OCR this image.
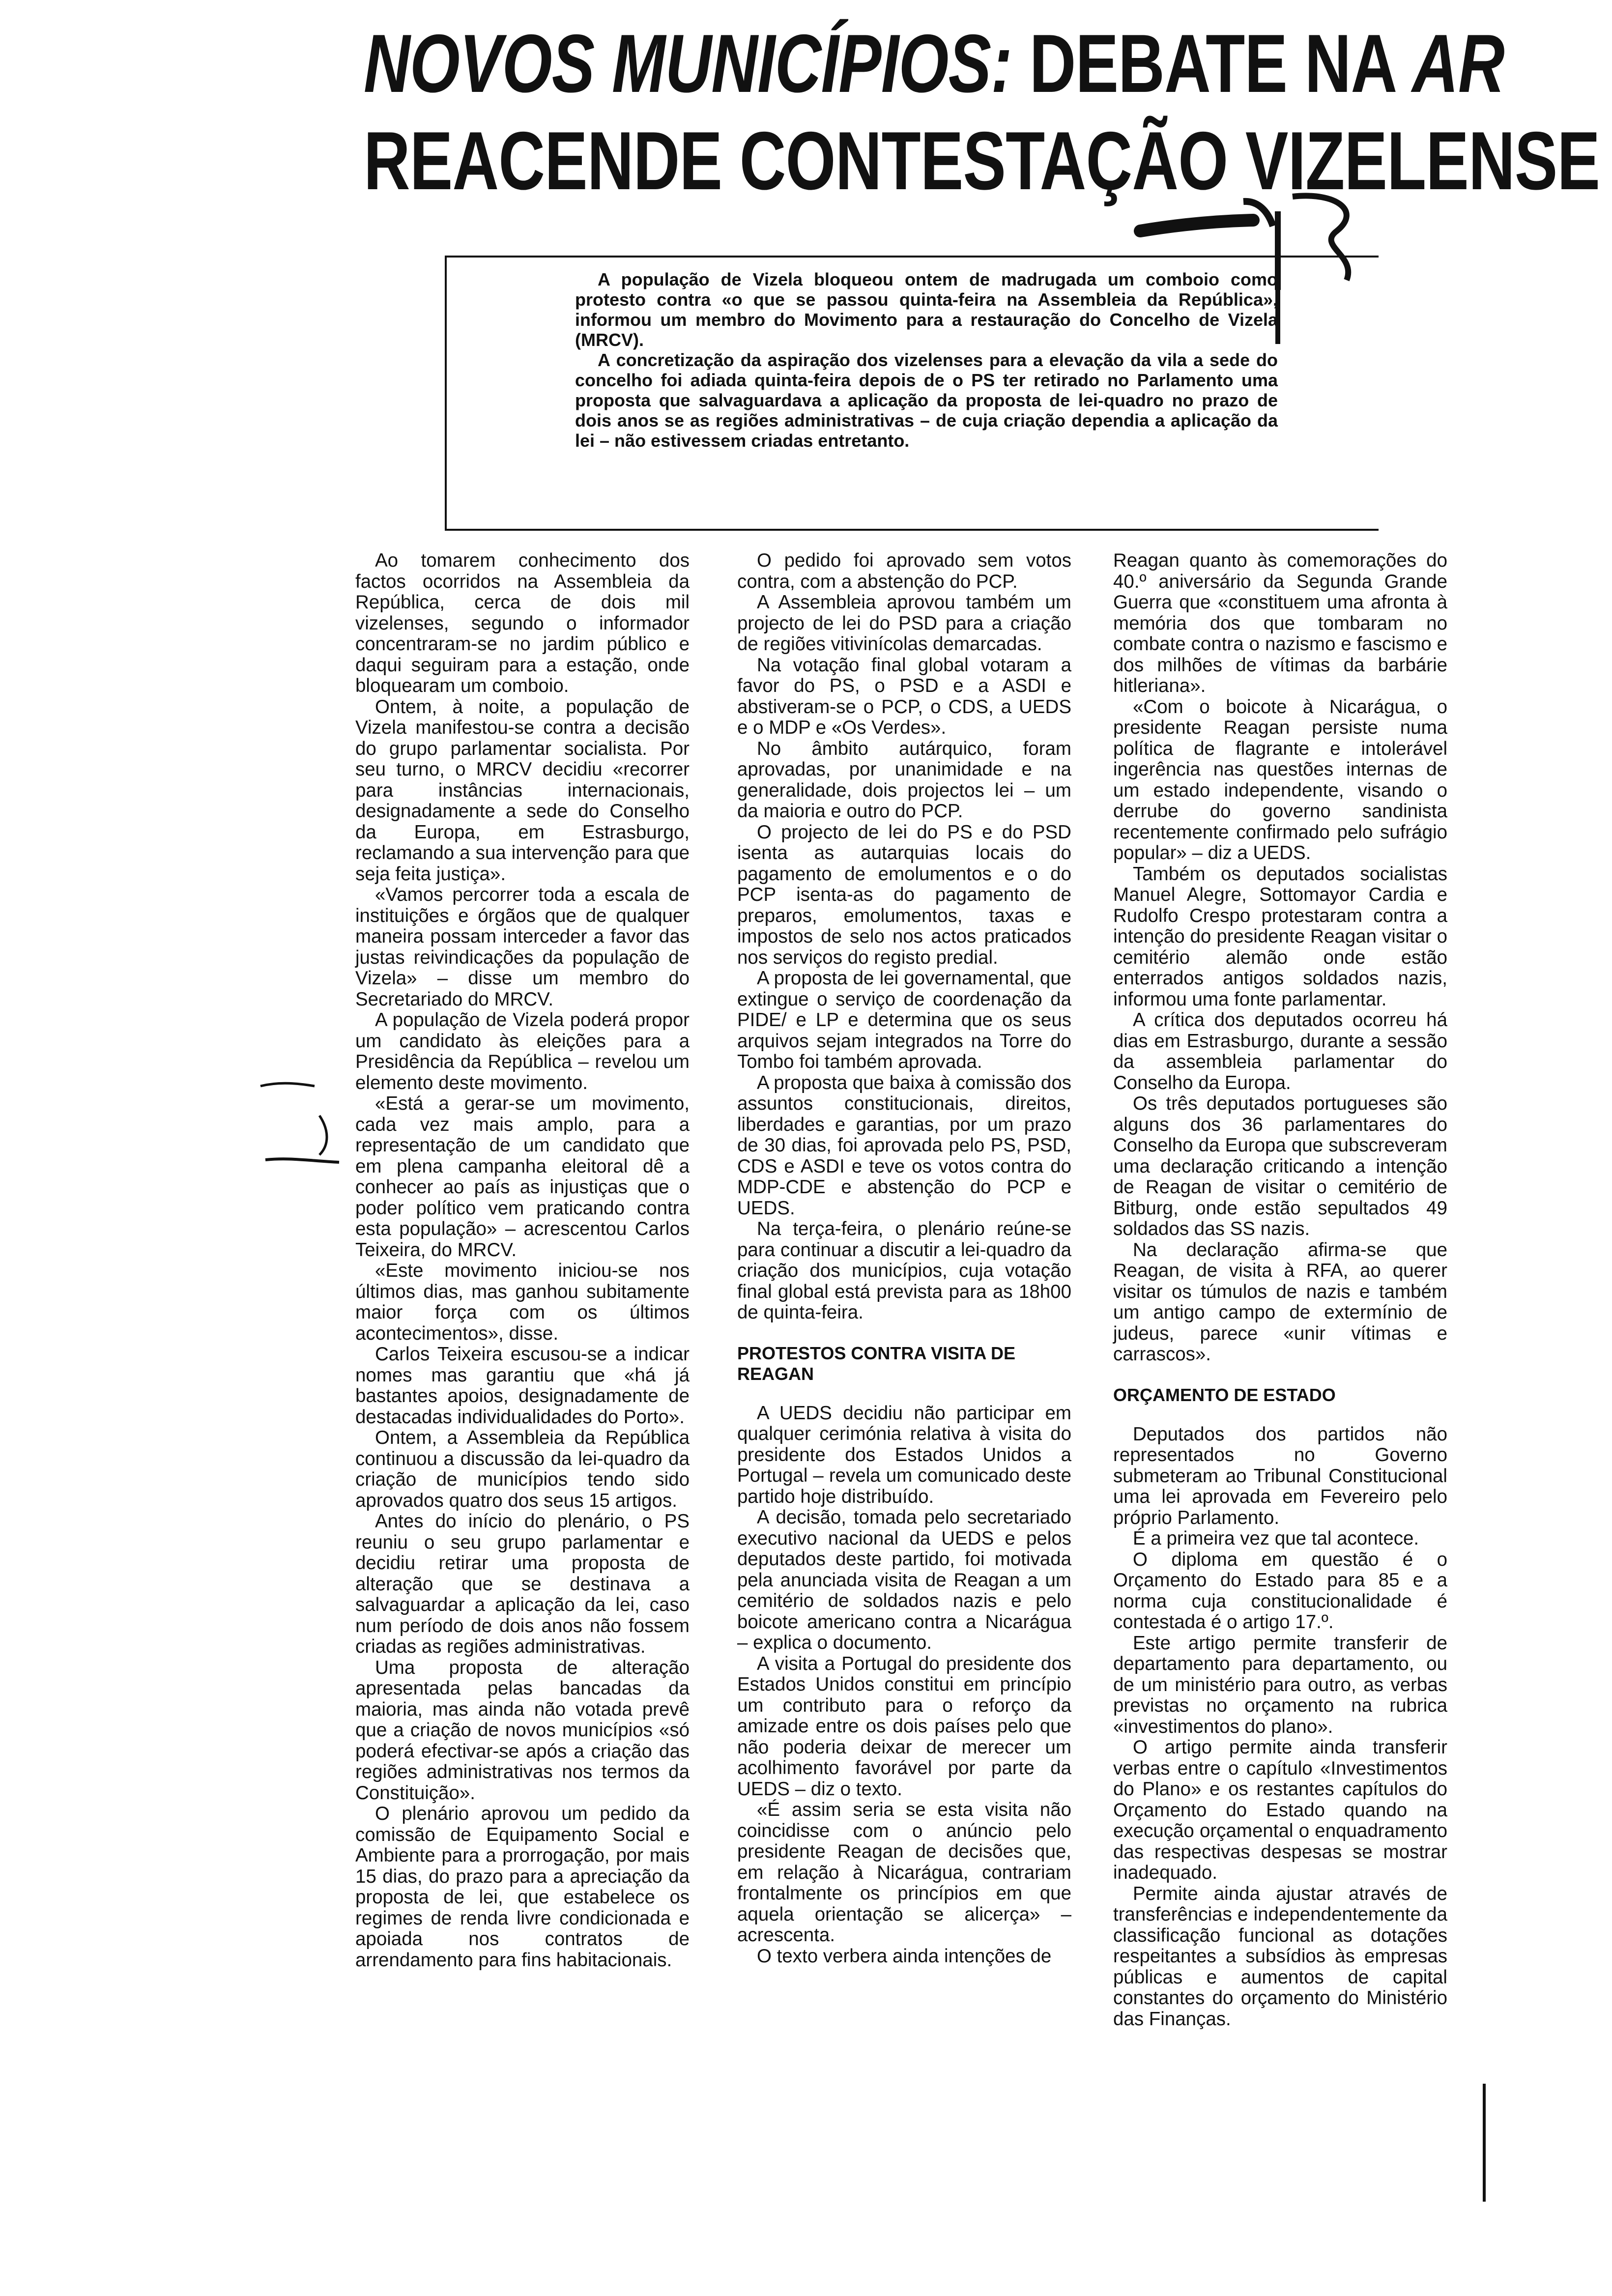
NOVOS MUNICÍPIOS: DEBATE NA AR
REACENDE CONTESTAÇÃO VIZELENSE

A população de Vizela bloqueou ontem de madrugada um comboio como protesto contra «o que se passou quinta-feira na Assembleia da República», informou um membro do Movimento para a restauração do Concelho de Vizela (MRCV).

A concretização da aspiração dos vizelenses para a elevação da vila a sede do concelho foi adiada quinta-feira depois de o PS ter retirado no Parlamento uma proposta que salvaguardava a aplicação da proposta de lei-quadro no prazo de dois anos se as regiões administrativas – de cuja criação dependia a aplicação da lei – não estivessem criadas entretanto.

Ao tomarem conhecimento dos factos ocorridos na Assembleia da República, cerca de dois mil vizelenses, segundo o informador concentraram-se no jardim público e daqui seguiram para a estação, onde bloquearam um comboio.

Ontem, à noite, a população de Vizela manifestou-se contra a decisão do grupo parlamentar socialista. Por seu turno, o MRCV decidiu «recorrer para instâncias internacionais, designadamente a sede do Conselho da Europa, em Estrasburgo, reclamando a sua intervenção para que seja feita justiça».

«Vamos percorrer toda a escala de instituições e órgãos que de qualquer maneira possam interceder a favor das justas reivindicações da população de Vizela» – disse um membro do Secretariado do MRCV.

A população de Vizela poderá propor um candidato às eleições para a Presidência da República – revelou um elemento deste movimento.

«Está a gerar-se um movimento, cada vez mais amplo, para a representação de um candidato que em plena campanha eleitoral dê a conhecer ao país as injustiças que o poder político vem praticando contra esta população» – acrescentou Carlos Teixeira, do MRCV.

«Este movimento iniciou-se nos últimos dias, mas ganhou subitamente maior força com os últimos acontecimentos», disse.

Carlos Teixeira escusou-se a indicar nomes mas garantiu que «há já bastantes apoios, designadamente de destacadas individualidades do Porto».

Ontem, a Assembleia da República continuou a discussão da lei-quadro da criação de municípios tendo sido aprovados quatro dos seus 15 artigos.

Antes do início do plenário, o PS reuniu o seu grupo parlamentar e decidiu retirar uma proposta de alteração que se destinava a salvaguardar a aplicação da lei, caso num período de dois anos não fossem criadas as regiões administrativas.

Uma proposta de alteração apresentada pelas bancadas da maioria, mas ainda não votada prevê que a criação de novos municípios «só poderá efectivar-se após a criação das regiões administrativas nos termos da Constituição».

O plenário aprovou um pedido da comissão de Equipamento Social e Ambiente para a prorrogação, por mais 15 dias, do prazo para a apreciação da proposta de lei, que estabelece os regimes de renda livre condicionada e apoiada nos contratos de arrendamento para fins habitacionais.

O pedido foi aprovado sem votos contra, com a abstenção do PCP.

A Assembleia aprovou também um projecto de lei do PSD para a criação de regiões vitivinícolas demarcadas.

Na votação final global votaram a favor do PS, o PSD e a ASDI e abstiveram-se o PCP, o CDS, a UEDS e o MDP e «Os Verdes».

No âmbito autárquico, foram aprovadas, por unanimidade e na generalidade, dois projectos lei – um da maioria e outro do PCP.

O projecto de lei do PS e do PSD isenta as autarquias locais do pagamento de emolumentos e o do PCP isenta-as do pagamento de preparos, emolumentos, taxas e impostos de selo nos actos praticados nos serviços do registo predial.

A proposta de lei governamental, que extingue o serviço de coordenação da PIDE/ e LP e determina que os seus arquivos sejam integrados na Torre do Tombo foi também aprovada.

A proposta que baixa à comissão dos assuntos constitucionais, direitos, liberdades e garantias, por um prazo de 30 dias, foi aprovada pelo PS, PSD, CDS e ASDI e teve os votos contra do MDP-CDE e abstenção do PCP e UEDS.

Na terça-feira, o plenário reúne-se para continuar a discutir a lei-quadro da criação dos municípios, cuja votação final global está prevista para as 18h00 de quinta-feira.

PROTESTOS CONTRA VISITA DE REAGAN

A UEDS decidiu não participar em qualquer cerimónia relativa à visita do presidente dos Estados Unidos a Portugal – revela um comunicado deste partido hoje distribuído.

A decisão, tomada pelo secretariado executivo nacional da UEDS e pelos deputados deste partido, foi motivada pela anunciada visita de Reagan a um cemitério de soldados nazis e pelo boicote americano contra a Nicarágua – explica o documento.

A visita a Portugal do presidente dos Estados Unidos constitui em princípio um contributo para o reforço da amizade entre os dois países pelo que não poderia deixar de merecer um acolhimento favorável por parte da UEDS – diz o texto.

«É assim seria se esta visita não coincidisse com o anúncio pelo presidente Reagan de decisões que, em relação à Nicarágua, contrariam frontalmente os princípios em que aquela orientação se alicerça» – acrescenta.

O texto verbera ainda intenções de

Reagan quanto às comemorações do 40.º aniversário da Segunda Grande Guerra que «constituem uma afronta à memória dos que tombaram no combate contra o nazismo e fascismo e dos milhões de vítimas da barbárie hitleriana».

«Com o boicote à Nicarágua, o presidente Reagan persiste numa política de flagrante e intolerável ingerência nas questões internas de um estado independente, visando o derrube do governo sandinista recentemente confirmado pelo sufrágio popular» – diz a UEDS.

Também os deputados socialistas Manuel Alegre, Sottomayor Cardia e Rudolfo Crespo protestaram contra a intenção do presidente Reagan visitar o cemitério alemão onde estão enterrados antigos soldados nazis, informou uma fonte parlamentar.

A crítica dos deputados ocorreu há dias em Estrasburgo, durante a sessão da assembleia parlamentar do Conselho da Europa.

Os três deputados portugueses são alguns dos 36 parlamentares do Conselho da Europa que subscreveram uma declaração criticando a intenção de Reagan de visitar o cemitério de Bitburg, onde estão sepultados 49 soldados das SS nazis.

Na declaração afirma-se que Reagan, de visita à RFA, ao querer visitar os túmulos de nazis e também um antigo campo de extermínio de judeus, parece «unir vítimas e carrascos».

ORÇAMENTO DE ESTADO

Deputados dos partidos não representados no Governo submeteram ao Tribunal Constitucional uma lei aprovada em Fevereiro pelo próprio Parlamento.

É a primeira vez que tal acontece.

O diploma em questão é o Orçamento do Estado para 85 e a norma cuja constitucionalidade é contestada é o artigo 17.º.

Este artigo permite transferir de departamento para departamento, ou de um ministério para outro, as verbas previstas no orçamento na rubrica «investimentos do plano».

O artigo permite ainda transferir verbas entre o capítulo «Investimentos do Plano» e os restantes capítulos do Orçamento do Estado quando na execução orçamental o enquadramento das respectivas despesas se mostrar inadequado.

Permite ainda ajustar através de transferências e independentemente da classificação funcional as dotações respeitantes a subsídios às empresas públicas e aumentos de capital constantes do orçamento do Ministério das Finanças.
